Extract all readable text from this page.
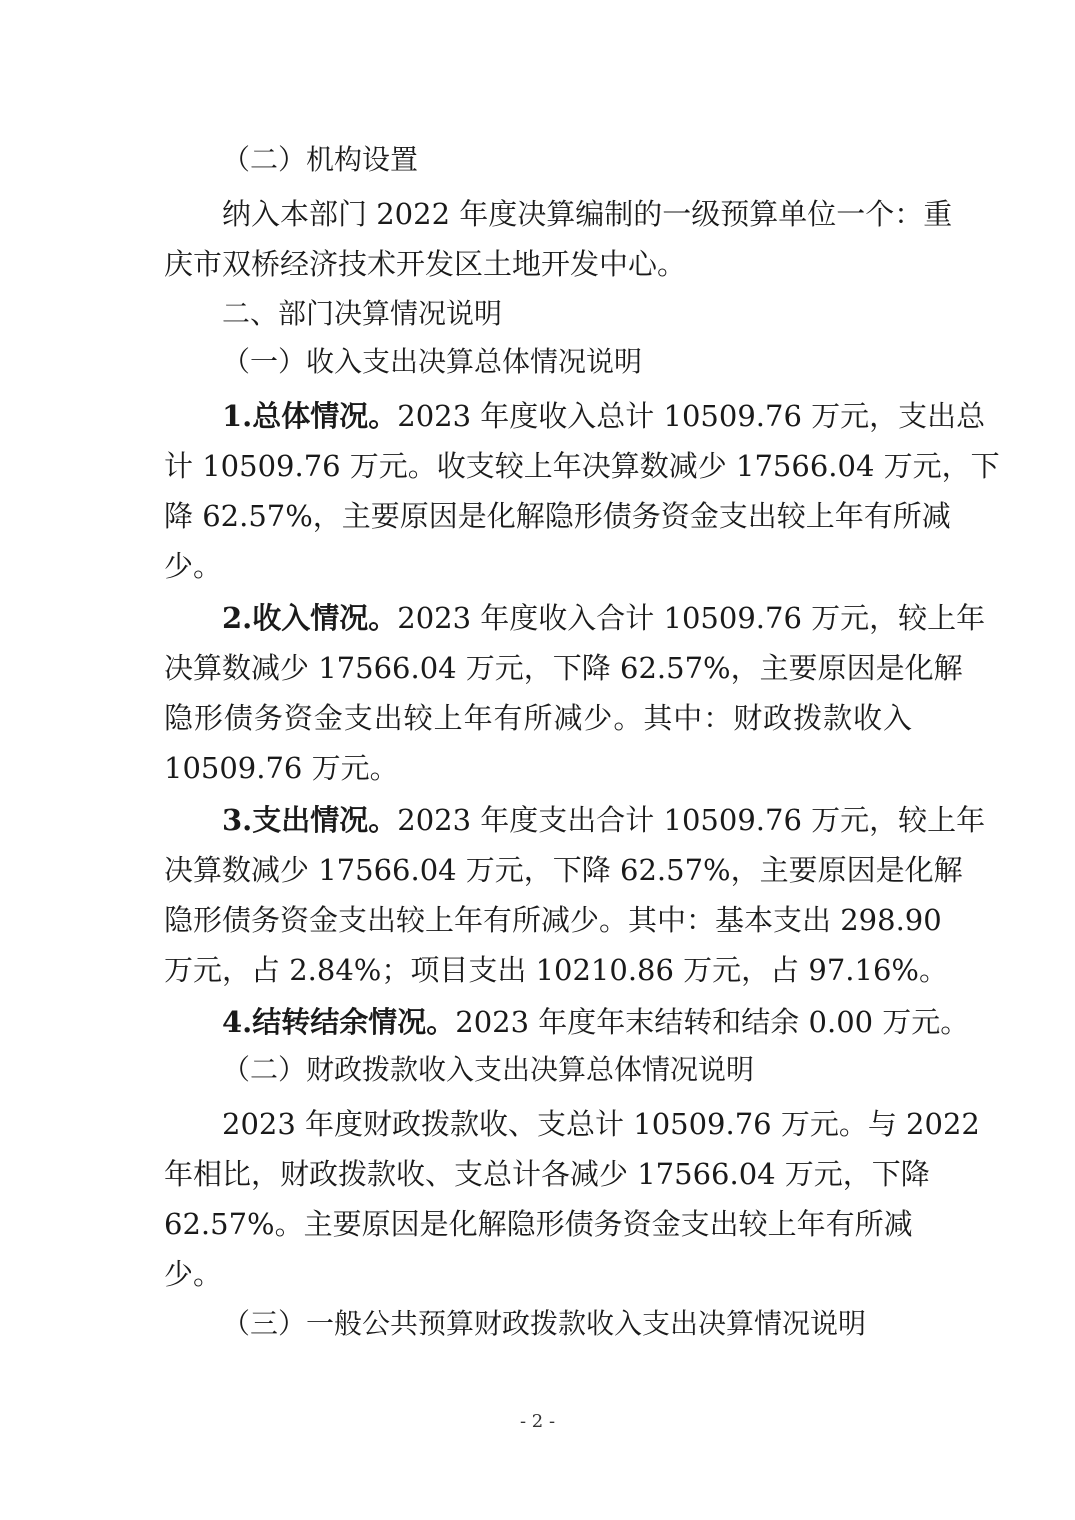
（二）机构设置
纳入本部门 2022 年度决算编制的一级预算单位一个：重
庆市双桥经济技术开发区土地开发中心。
二、部门决算情况说明
（一）收入支出决算总体情况说明
1.总体情况。2023 年度收入总计 10509.76 万元，支出总
计 10509.76 万元。收支较上年决算数减少 17566.04 万元，下
降 62.57%，主要原因是化解隐形债务资金支出较上年有所减
少。
2.收入情况。2023 年度收入合计 10509.76 万元，较上年
决算数减少 17566.04 万元，下降 62.57%，主要原因是化解
隐形债务资金支出较上年有所减少。其中：财政拨款收入
10509.76 万元。
3.支出情况。2023 年度支出合计 10509.76 万元，较上年
决算数减少 17566.04 万元，下降 62.57%，主要原因是化解
隐形债务资金支出较上年有所减少。其中：基本支出 298.90
万元，占 2.84%；项目支出 10210.86 万元，占 97.16%。
4.结转结余情况。2023 年度年末结转和结余 0.00 万元。
（二）财政拨款收入支出决算总体情况说明
2023 年度财政拨款收、支总计 10509.76 万元。与 2022
年相比，财政拨款收、支总计各减少 17566.04 万元，下降
62.57%。主要原因是化解隐形债务资金支出较上年有所减
少。
（三）一般公共预算财政拨款收入支出决算情况说明
- 2 -
